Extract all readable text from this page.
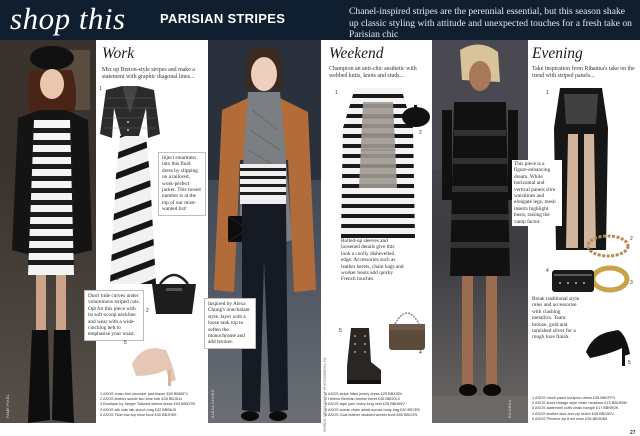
shop this	PARISIAN STRIPES	Chanel-inspired stripes are the perennial essential, but this season shake up classic styling with attitude and unexpected touches for a fresh take on Parisian chic
FAME PIXEL
Work
Mix up Breton-style stripes and make a statement with graphic diagonal lines...
1
3
Inject smartness into this fluid dress by slipping on a tailored, work-perfect jacket. This tweed number is at the top of our most-wanted list!
2
Don't hide curves under voluminous striped cuts. Opt for this piece with its soft-scoop neckline and wear with a wide-cinching belt to emphasise your waist.
5
1 ASOS chain trim shoulder pad blazer £60 BB65F3
2 ASOS leather suede two tone tote £28 BBJ5J4
3 Boutique by Jaeger Tailored sleeve dress £90 BB5X9S
4 ASOS silk side tab slouch bag £32 BBB6J5
5 ASOS Tilde low-top shoe boot £40 BBJH5S	ALEXA CHUNG
Inspired by Alexa Chung's nonchalant style, layer with a loose tank top to soften the monochrome and add texture.
Weekend
Champion an anti-chic aesthetic with webbed knits, knots and studs...
1
2
Rolled-up sleeves and loosened details give this look a coolly dishevelled edge. Accessories such as leather berets, chain bags and worker boots add quirky French touches.
4
5
1 ASOS stripe fitted jersey dress £25 BBX0DL
2 Helene Berman leather beret £46 BBG0L5
3 ASOS tape yarn holey long vest £28 BBH65V
4 ASOS suede chain detail across body bag £30 BB7EB
5 ASOS Coal leather studded worker boot £85 BBGXN
WORDS: SEEMA ASHRAF PHOTOGRAPHS: PA	RIHANNA
Evening
Take inspiration from Rihanna's take on the trend with striped panels...
1
This piece is a figure-enhancing dream. While horizontal and vertical panels slim waistlines and elongate legs, mesh inserts highlight busts, raising the vamp factor.
2
3
Break traditional style rules and accessorise with clashing metallics. Team bronze, gold and tarnished silver for a rough luxe finish.
4
5
1 ASOS mesh panel bodycon dress £38 BBKFP3
2 ASOS short vintage style chain necklace £15 BBLB9M
3 ASOS statement cuffs chain bangle £17 BBNR2K
4 ASOS leather stud and zip clutch £45 BBG50V
5 ASOS Phoenix zip front shoe £35 BBJK5M
27
